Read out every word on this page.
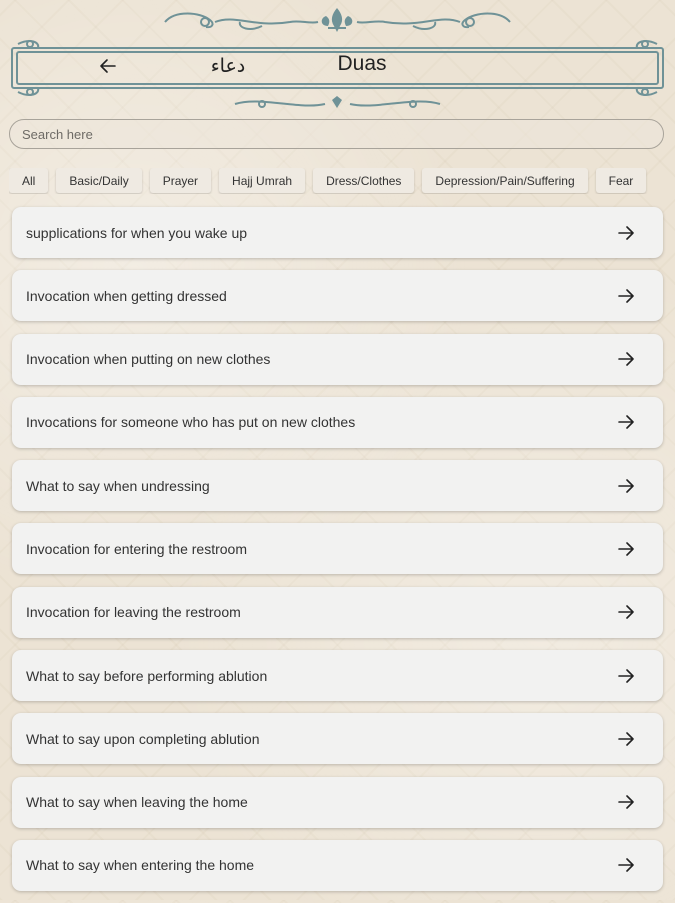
دعاء	Duas
Search here
All	Basic/Daily	Prayer	Hajj Umrah	Dress/Clothes	Depression/Pain/Suffering	Fear
supplications for when you wake up
Invocation when getting dressed
Invocation when putting on new clothes
Invocations for someone who has put on new clothes
What to say when undressing
Invocation for entering the restroom
Invocation for leaving the restroom
What to say before performing ablution
What to say upon completing ablution
What to say when leaving the home
What to say when entering the home
